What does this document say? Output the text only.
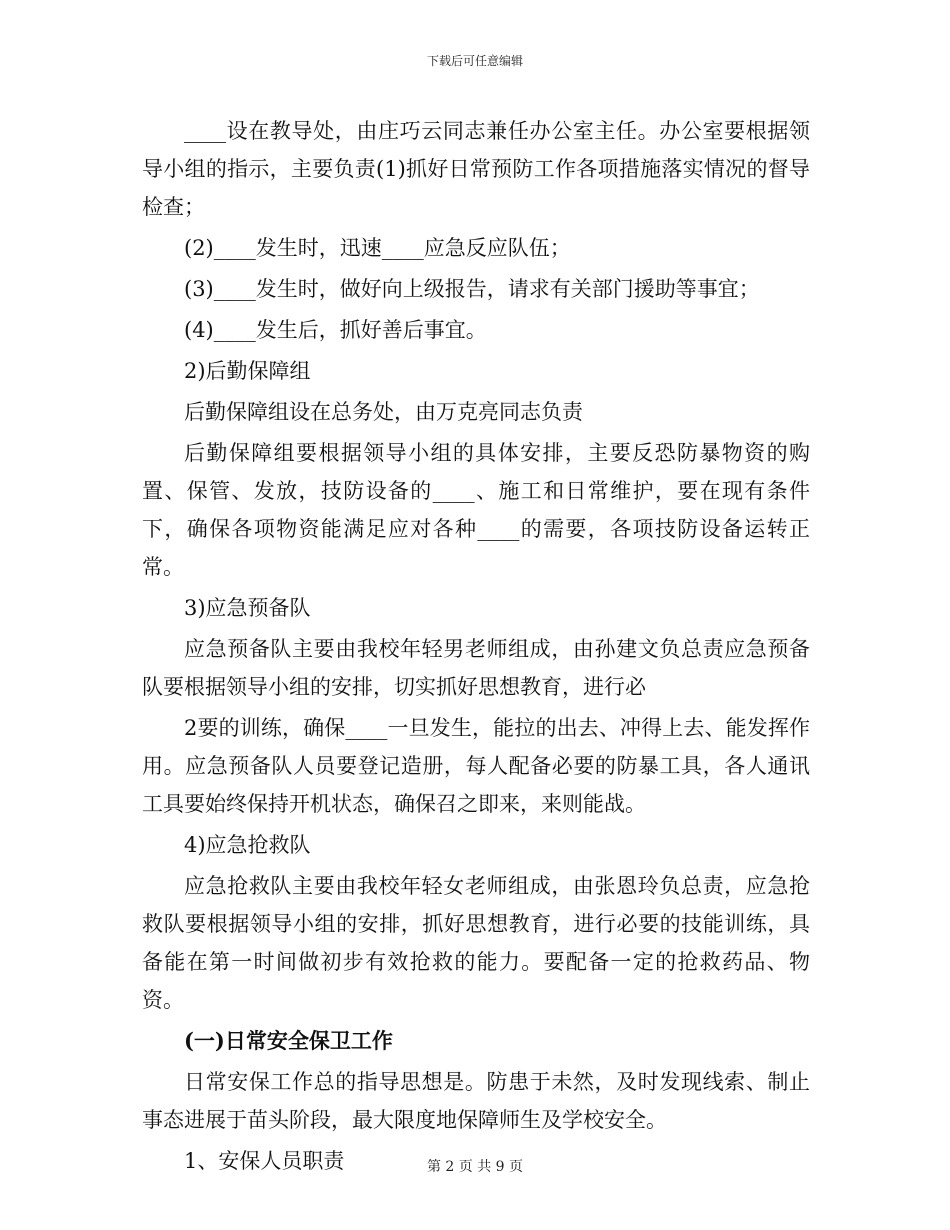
下载后可任意编辑

____设在教导处，由庄巧云同志兼任办公室主任。办公室要根据领导小组的指示，主要负责(1)抓好日常预防工作各项措施落实情况的督导检查；

(2)____发生时，迅速____应急反应队伍；

(3)____发生时，做好向上级报告，请求有关部门援助等事宜；

(4)____发生后，抓好善后事宜。

2)后勤保障组

后勤保障组设在总务处，由万克亮同志负责

后勤保障组要根据领导小组的具体安排，主要反恐防暴物资的购置、保管、发放，技防设备的____、施工和日常维护，要在现有条件下，确保各项物资能满足应对各种____的需要，各项技防设备运转正常。

3)应急预备队

应急预备队主要由我校年轻男老师组成，由孙建文负总责应急预备队要根据领导小组的安排，切实抓好思想教育，进行必

2要的训练，确保____一旦发生，能拉的出去、冲得上去、能发挥作用。应急预备队人员要登记造册，每人配备必要的防暴工具，各人通讯工具要始终保持开机状态，确保召之即来，来则能战。

4)应急抢救队

应急抢救队主要由我校年轻女老师组成，由张恩玲负总责，应急抢救队要根据领导小组的安排，抓好思想教育，进行必要的技能训练，具备能在第一时间做初步有效抢救的能力。要配备一定的抢救药品、物资。

(一)日常安全保卫工作

日常安保工作总的指导思想是。防患于未然，及时发现线索、制止事态进展于苗头阶段，最大限度地保障师生及学校安全。

1、安保人员职责	第 2 页 共 9 页
